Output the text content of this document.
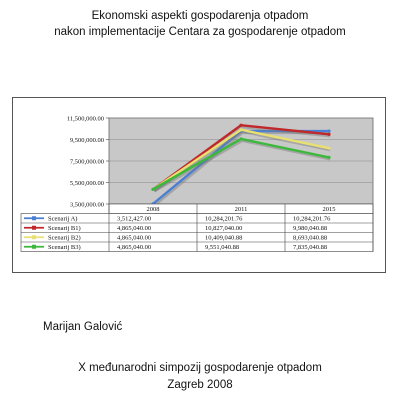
Ekonomski aspekti gospodarenja otpadom
nakon implementacije Centara za gospodarenje otpadom
11,500,000.00
9,500,000.00
7,500,000.00
5,500,000.00
3,500,000.00
2008	2011	2015
Scenarij A)	3,512,427.00	10,284,201.76	10,284,201.76
Scenarij B1)	4,865,040.00	10,827,040.00	9,980,040.88
Scenarij B2)	4,865,040.00	10,409,040.88	8,693,040.88
Scenarij B3)	4,865,040.00	9,551,040.88	7,835,040.88
Marijan Galović
X međunarodni simpozij gospodarenje otpadom
Zagreb 2008
